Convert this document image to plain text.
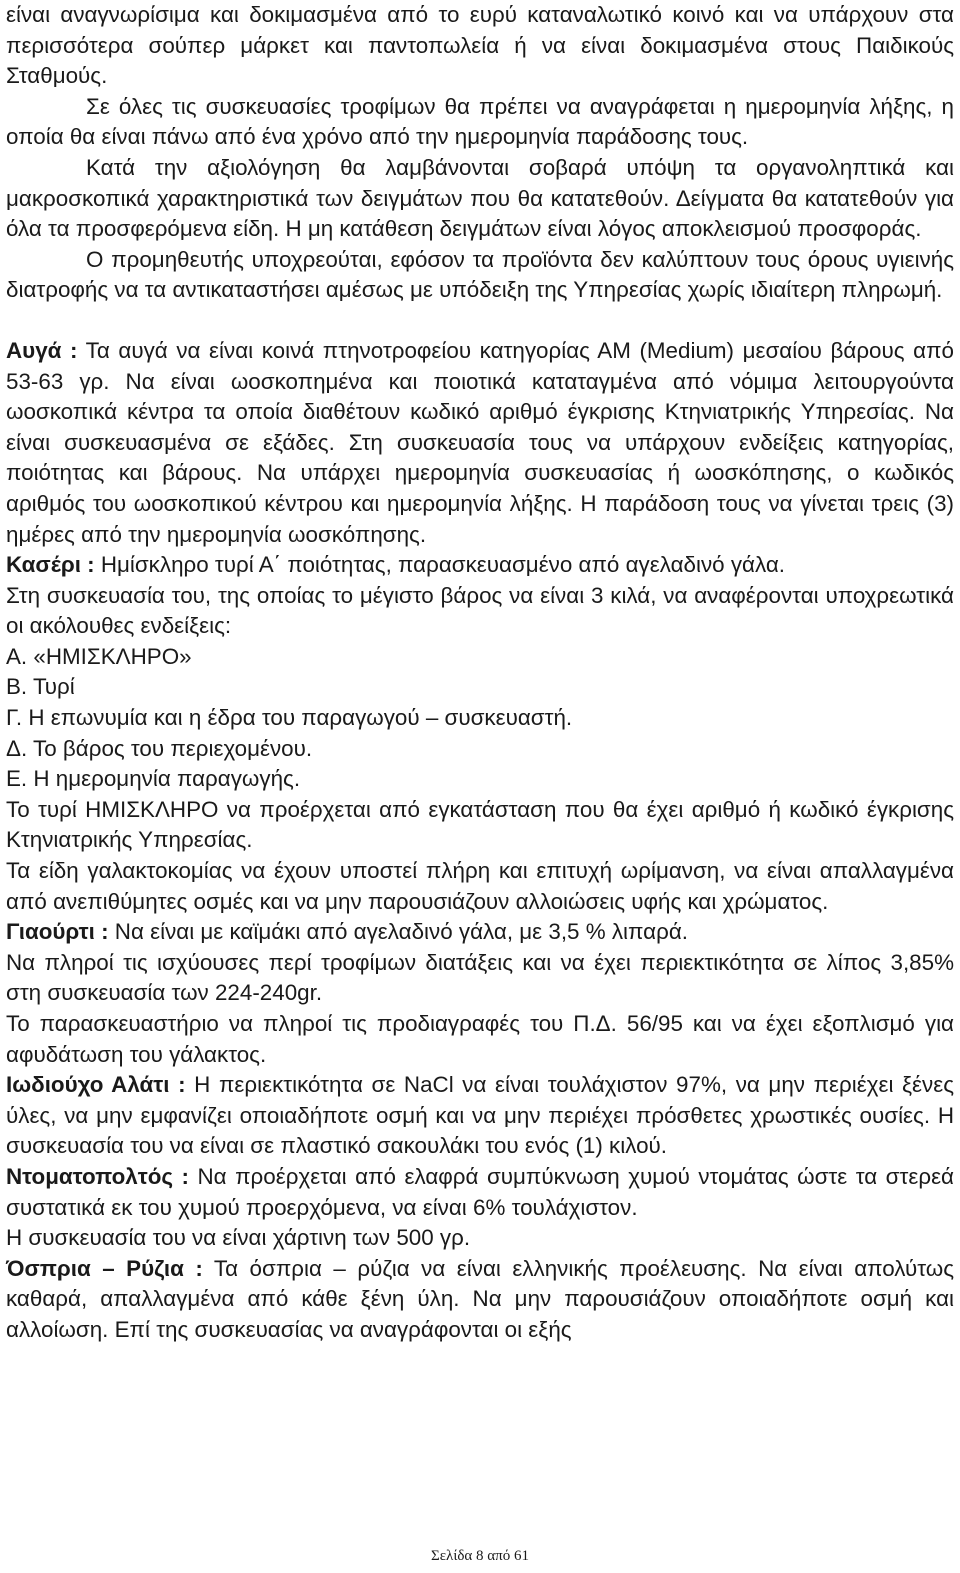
είναι αναγνωρίσιμα και δοκιμασμένα από το ευρύ καταναλωτικό κοινό και να υπάρχουν στα περισσότερα σούπερ μάρκετ και παντοπωλεία ή να είναι δοκιμασμένα στους Παιδικούς Σταθμούς.

Σε όλες τις συσκευασίες τροφίμων θα πρέπει να αναγράφεται η ημερομηνία λήξης, η οποία θα είναι πάνω από ένα χρόνο από την ημερομηνία παράδοσης τους.

Κατά την αξιολόγηση θα λαμβάνονται σοβαρά υπόψη τα οργανοληπτικά και μακροσκοπικά χαρακτηριστικά των δειγμάτων που θα κατατεθούν. Δείγματα θα κατατεθούν για όλα τα προσφερόμενα είδη. Η μη κατάθεση δειγμάτων είναι λόγος αποκλεισμού προσφοράς.

Ο προμηθευτής υποχρεούται, εφόσον τα προϊόντα δεν καλύπτουν τους όρους υγιεινής διατροφής να τα αντικαταστήσει αμέσως με υπόδειξη της Υπηρεσίας χωρίς ιδιαίτερη πληρωμή.

Αυγά : Τα αυγά να είναι κοινά πτηνοτροφείου κατηγορίας ΑΜ (Medium) μεσαίου βάρους από 53-63 γρ. Να είναι ωοσκοπημένα και ποιοτικά καταταγμένα από νόμιμα λειτουργούντα ωοσκοπικά κέντρα τα οποία διαθέτουν κωδικό αριθμό έγκρισης Κτηνιατρικής Υπηρεσίας. Να είναι συσκευασμένα σε εξάδες. Στη συσκευασία τους να υπάρχουν ενδείξεις κατηγορίας, ποιότητας και βάρους. Να υπάρχει ημερομηνία συσκευασίας ή ωοσκόπησης, ο κωδικός αριθμός του ωοσκοπικού κέντρου και ημερομηνία λήξης. Η παράδοση τους να γίνεται τρεις (3) ημέρες από την ημερομηνία ωοσκόπησης.

Κασέρι : Ημίσκληρο τυρί Α΄ ποιότητας, παρασκευασμένο από αγελαδινό γάλα.

Στη συσκευασία του, της οποίας το μέγιστο βάρος να είναι 3 κιλά, να αναφέρονται υποχρεωτικά οι ακόλουθες ενδείξεις:

Α. «ΗΜΙΣΚΛΗΡΟ»

Β. Τυρί

Γ. Η επωνυμία και η έδρα του παραγωγού – συσκευαστή.

Δ. Το βάρος του περιεχομένου.

Ε. Η ημερομηνία παραγωγής.

Το τυρί ΗΜΙΣΚΛΗΡΟ να προέρχεται από εγκατάσταση που θα έχει αριθμό ή κωδικό έγκρισης Κτηνιατρικής Υπηρεσίας.

Τα είδη γαλακτοκομίας να έχουν υποστεί πλήρη και επιτυχή ωρίμανση, να είναι απαλλαγμένα από ανεπιθύμητες οσμές και να μην παρουσιάζουν αλλοιώσεις υφής και χρώματος.

Γιαούρτι : Να είναι με καϊμάκι από αγελαδινό γάλα, με 3,5 % λιπαρά.

Να πληροί τις ισχύουσες περί τροφίμων διατάξεις και να έχει περιεκτικότητα σε λίπος 3,85% στη συσκευασία των 224-240gr.

Το παρασκευαστήριο να πληροί τις προδιαγραφές του Π.Δ. 56/95 και να έχει εξοπλισμό για αφυδάτωση του γάλακτος.

Ιωδιούχο Αλάτι : Η περιεκτικότητα σε NaCl να είναι τουλάχιστον 97%, να μην περιέχει ξένες ύλες, να μην εμφανίζει οποιαδήποτε οσμή και να μην περιέχει πρόσθετες χρωστικές ουσίες. Η συσκευασία του να είναι σε πλαστικό σακουλάκι του ενός (1) κιλού.

Ντοματοπολτός : Να προέρχεται από ελαφρά συμπύκνωση χυμού ντομάτας ώστε τα στερεά συστατικά εκ του χυμού προερχόμενα, να είναι 6% τουλάχιστον.

Η συσκευασία του να είναι χάρτινη των 500 γρ.

Όσπρια – Ρύζια : Τα όσπρια – ρύζια να είναι ελληνικής προέλευσης. Να είναι απολύτως καθαρά, απαλλαγμένα από κάθε ξένη ύλη. Να μην παρουσιάζουν οποιαδήποτε οσμή και αλλοίωση. Επί της συσκευασίας να αναγράφονται οι εξής

Σελίδα 8 από 61
